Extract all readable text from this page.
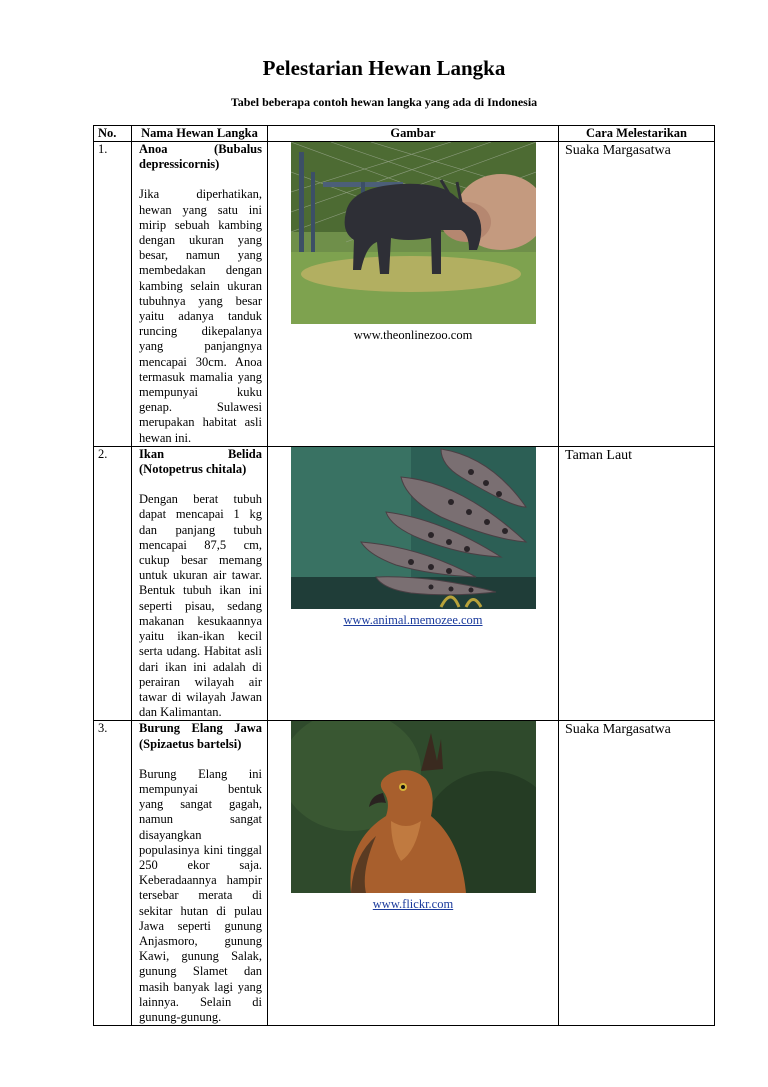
Pelestarian Hewan Langka
Tabel beberapa contoh hewan langka yang ada di Indonesia
No.	Nama Hewan Langka	Gambar	Cara Melestarikan
1.	Anoa (Bubalus
depressicornis)
Jika diperhatikan, hewan yang satu ini mirip sebuah kambing dengan ukuran yang besar, namun yang membedakan dengan kambing selain ukuran tubuhnya yang besar yaitu adanya tanduk runcing dikepalanya yang panjangnya mencapai 30cm. Anoa termasuk mamalia yang mempunyai kuku genap. Sulawesi merupakan habitat asli hewan ini.	www.theonlinezoo.com	Suaka Margasatwa
2.	Ikan Belida
(Notopetrus chitala)
Dengan berat tubuh dapat mencapai 1 kg dan panjang tubuh mencapai 87,5 cm, cukup besar memang untuk ukuran air tawar. Bentuk tubuh ikan ini seperti pisau, sedang makanan kesukaannya yaitu ikan-ikan kecil serta udang. Habitat asli dari ikan ini adalah di perairan wilayah air tawar di wilayah Jawan dan Kalimantan.	www.animal.memozee.com	Taman Laut
3.	Burung Elang Jawa
(Spizaetus bartelsi)
Burung Elang ini mempunyai bentuk yang sangat gagah, namun sangat disayangkan populasinya kini tinggal 250 ekor saja. Keberadaannya hampir tersebar merata di sekitar hutan di pulau Jawa seperti gunung Anjasmoro, gunung Kawi, gunung Salak, gunung Slamet dan masih banyak lagi yang lainnya. Selain di gunung-gunung.	www.flickr.com	Suaka Margasatwa
